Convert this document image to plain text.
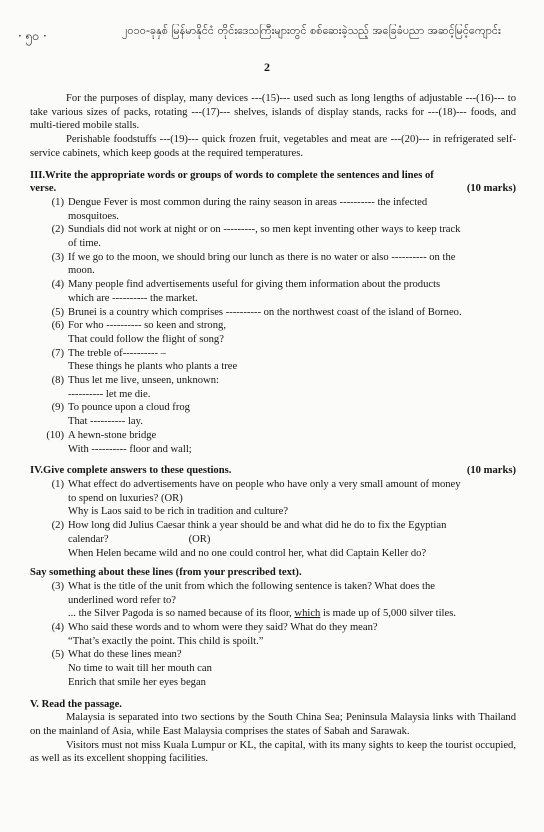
· ၅၀ ·	၂၀၁၀-ခုနှစ် မြန်မာနိုင်ငံ တိုင်းဒေသကြီးများတွင် စစ်ဆေးခဲ့သည့် အခြေခံပညာ အဆင့်မြင့်ကျောင်း
2

For the purposes of display, many devices ---(15)--- used such as long lengths of adjustable ---(16)--- to take various sizes of packs, rotating ---(17)--- shelves, islands of display stands, racks for ---(18)--- foods, and multi-tiered mobile stalls.

Perishable foodstuffs ---(19)--- quick frozen fruit, vegetables and meat are ---(20)--- in refrigerated self-service cabinets, which keep goods at the required temperatures.

III.Write the appropriate words or groups of words to complete the sentences and lines of
verse.	(10 marks)
(1) Dengue Fever is most common during the rainy season in areas ---------- the infected
mosquitoes.
(2) Sundials did not work at night or on ---------, so men kept inventing other ways to keep track
of time.
(3) If we go to the moon, we should bring our lunch as there is no water or also ---------- on the
moon.
(4) Many people find advertisements useful for giving them information about the products
which are ---------- the market.
(5) Brunei is a country which comprises ---------- on the northwest coast of the island of Borneo.
(6) For who ---------- so keen and strong,
That could follow the flight of song?
(7) The treble of---------- –
These things he plants who plants a tree
(8) Thus let me live, unseen, unknown:
---------- let me die.
(9) To pounce upon a cloud frog
That ---------- lay.
(10) A hewn-stone bridge
With ---------- floor and wall;
IV.Give complete answers to these questions.	(10 marks)
(1) What effect do advertisements have on people who have only a very small amount of money
to spend on luxuries? (OR)
Why is Laos said to be rich in tradition and culture?
(2) How long did Julius Caesar think a year should be and what did he do to fix the Egyptian
calendar?	(OR)
When Helen became wild and no one could control her, what did Captain Keller do?
Say something about these lines (from your prescribed text).
(3) What is the title of the unit from which the following sentence is taken? What does the
underlined word refer to?
... the Silver Pagoda is so named because of its floor, which is made up of 5,000 silver tiles.
(4) Who said these words and to whom were they said? What do they mean?
“That’s exactly the point. This child is spoilt.”
(5) What do these lines mean?
No time to wait till her mouth can
Enrich that smile her eyes began
V. Read the passage.

Malaysia is separated into two sections by the South China Sea; Peninsula Malaysia links with Thailand on the mainland of Asia, while East Malaysia comprises the states of Sabah and Sarawak.

Visitors must not miss Kuala Lumpur or KL, the capital, with its many sights to keep the tourist occupied, as well as its excellent shopping facilities.
